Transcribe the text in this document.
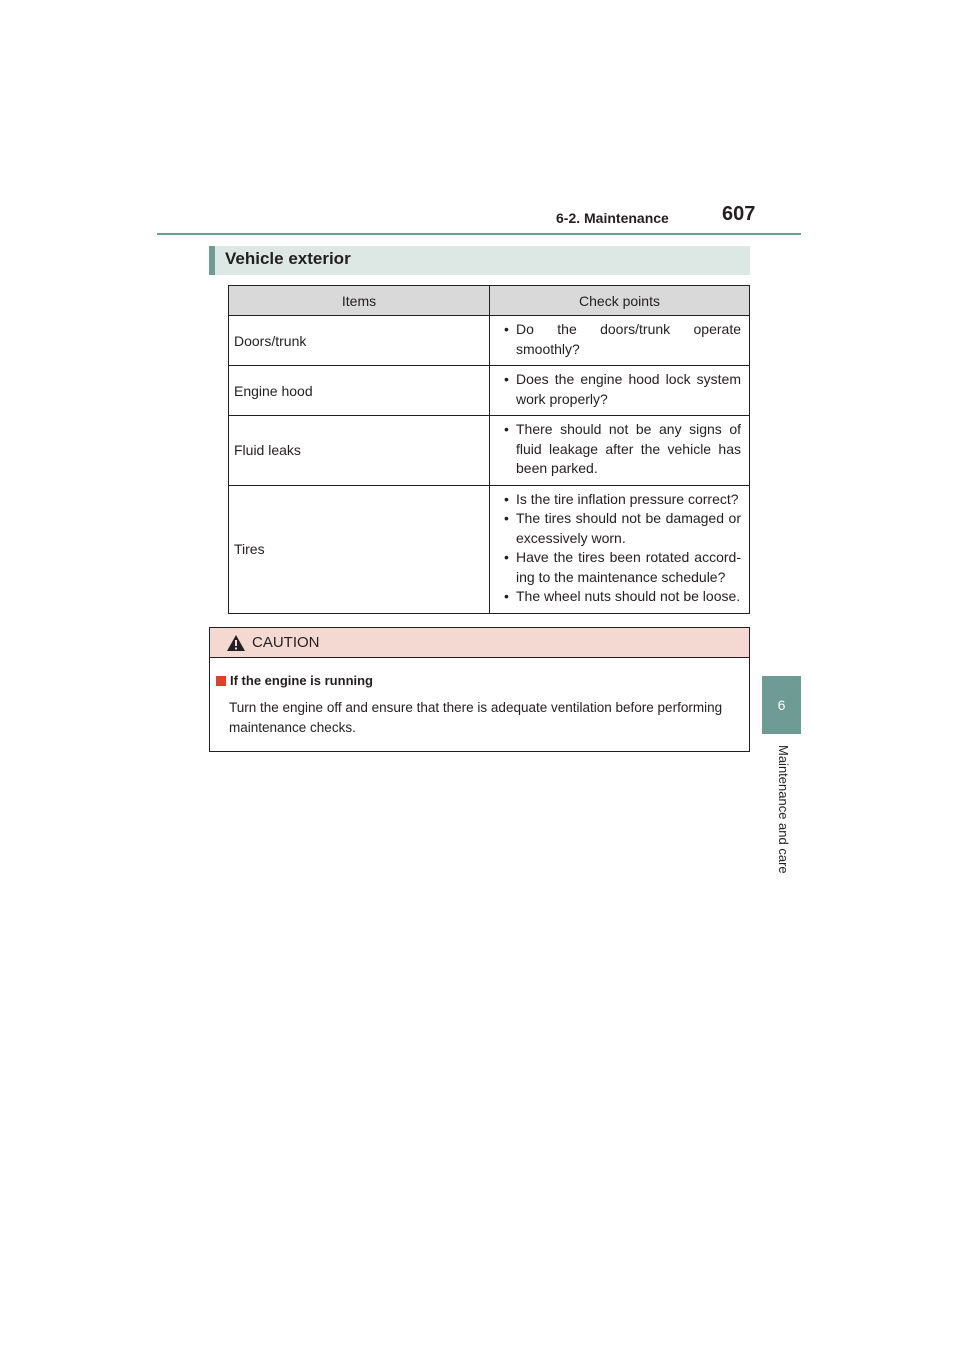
6-2. Maintenance	607
6
Maintenance and care
Vehicle exterior
Items	Check points
Doors/trunk	• Do the doors/trunk operate smoothly?

Engine hood	• Does the engine hood lock system work properly?

Fluid leaks	• There should not be any signs of fluid leakage after the vehicle has been parked.

Tires	• Is the tire inflation pressure correct?
• The tires should not be damaged or excessively worn.
• Have the tires been rotated accord-ing to the maintenance schedule?
• The wheel nuts should not be loose.
CAUTION
If the engine is running
Turn the engine off and ensure that there is adequate ventilation before performing maintenance checks.
